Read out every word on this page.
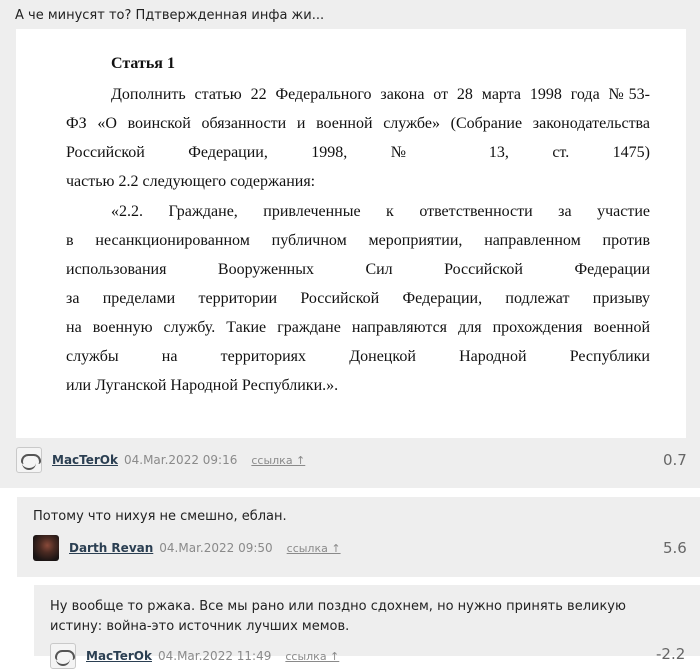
А че минусят то? Пдтвержденная инфа жи...
Статья 1
Дополнить статью 22 Федерального закона от 28 марта 1998 года №53-
ФЗ «О воинской обязанности и военной службе» (Собрание законодательства
Российской Федерации, 1998, № 13, ст. 1475)
частью 2.2 следующего содержания:
«2.2. Граждане, привлеченные к ответственности за участие
в несанкционированном публичном мероприятии, направленном против
использования Вооруженных Сил Российской Федерации
за пределами территории Российской Федерации, подлежат призыву
на военную службу. Такие граждане направляются для прохождения военной
службы на территориях Донецкой Народной Республики
или Луганской Народной Республики.».
MacTerOk 04.Мar.2022 09:16 ссылка ↑	0.7
Потому что нихуя не смешно, еблан.
Darth Revan 04.Мar.2022 09:50 ссылка ↑	5.6
Ну вообще то ржака. Все мы рано или поздно сдохнем, но нужно принять великую истину: война-это источник лучших мемов.
MacTerOk 04.Мar.2022 11:49 ссылка ↑	-2.2
